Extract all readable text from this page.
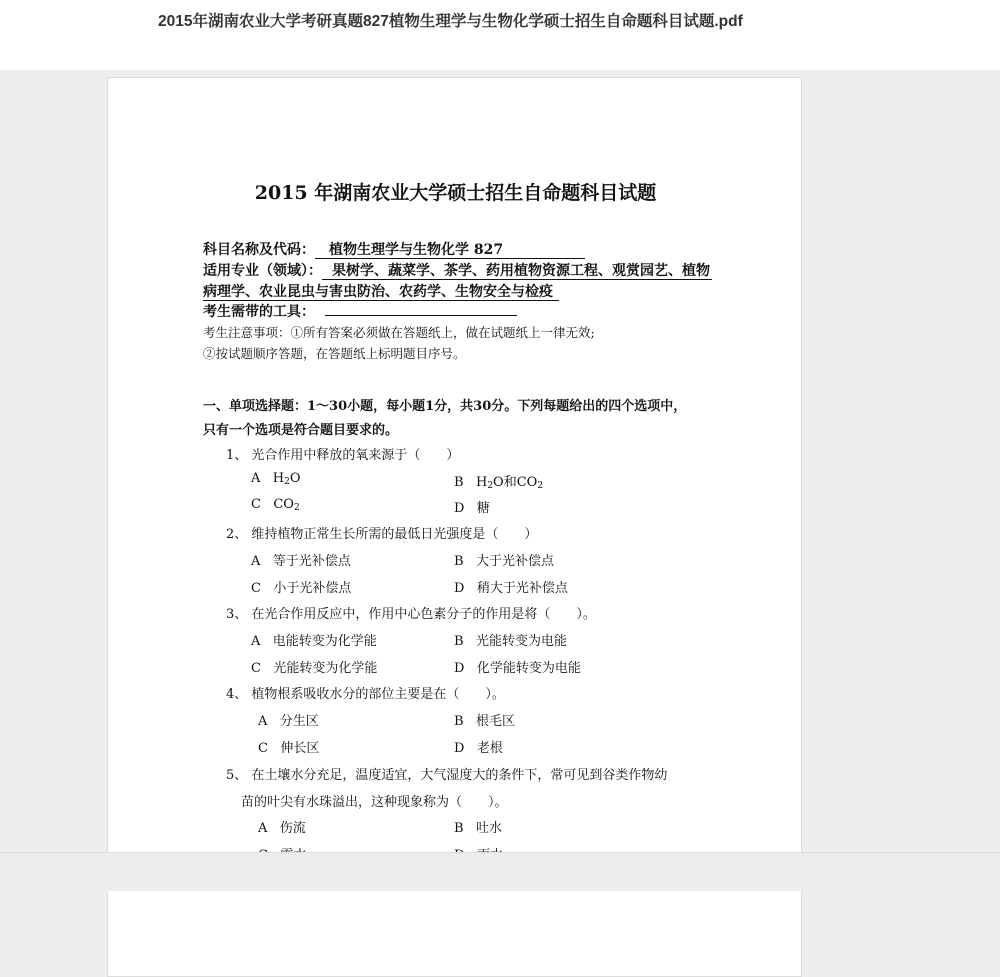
2015年湖南农业大学考研真题827植物生理学与生物化学硕士招生自命题科目试题.pdf
2015 年湖南农业大学硕士招生自命题科目试题
科目名称及代码： 植物生理学与生物化学 827
适用专业（领域）： 果树学、蔬菜学、茶学、药用植物资源工程、观赏园艺、植物
病理学、农业昆虫与害虫防治、农药学、生物安全与检疫
考生需带的工具：
考生注意事项：①所有答案必须做在答题纸上，做在试题纸上一律无效;
②按试题顺序答题，在答题纸上标明题目序号。
一、单项选择题：1～30小题，每小题1分，共30分。下列每题给出的四个选项中，
只有一个选项是符合题目要求的。
1、 光合作用中释放的氧来源于（　　）
A $H_2O$	B $H_2O$和$CO_2$
C $CO_2$	D 糖
2、 维持植物正常生长所需的最低日光强度是（　　）
A 等于光补偿点	B 大于光补偿点
C 小于光补偿点	D 稍大于光补偿点
3、 在光合作用反应中，作用中心色素分子的作用是将（　　）。
A 电能转变为化学能	B 光能转变为电能
C 光能转变为化学能	D 化学能转变为电能
4、 植物根系吸收水分的部位主要是在（　　）。
A 分生区	B 根毛区
C 伸长区	D 老根
5、 在土壤水分充足，温度适宜，大气湿度大的条件下，常可见到谷类作物幼
苗的叶尖有水珠溢出，这种现象称为（　　）。
A 伤流	B 吐水
